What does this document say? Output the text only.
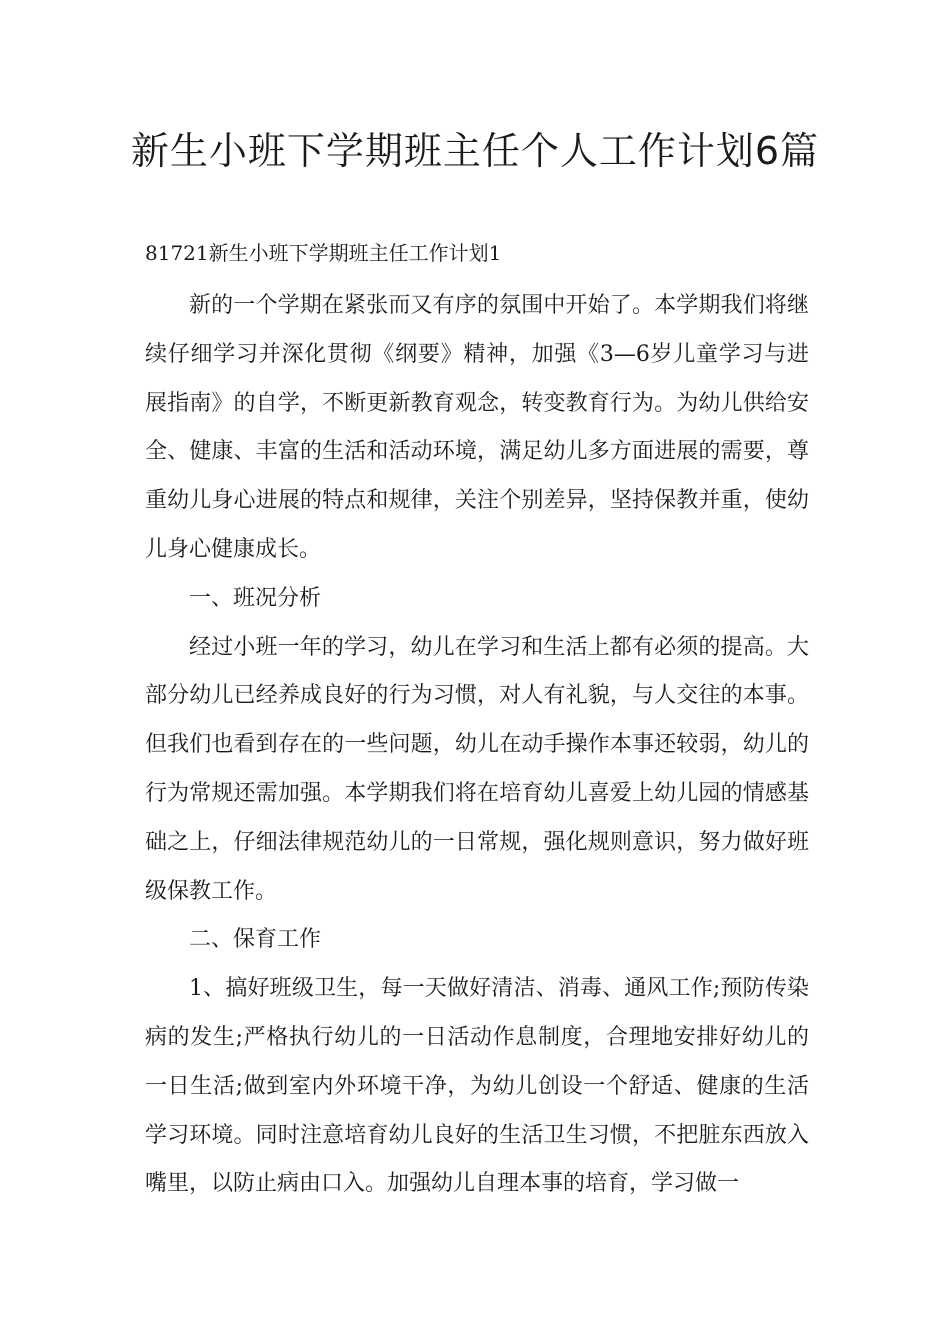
新生小班下学期班主任个人工作计划6篇

81721新生小班下学期班主任工作计划1

新的一个学期在紧张而又有序的氛围中开始了。本学期我们将继续仔细学习并深化贯彻《纲要》精神，加强《3—6岁儿童学习与进展指南》的自学，不断更新教育观念，转变教育行为。为幼儿供给安全、健康、丰富的生活和活动环境，满足幼儿多方面进展的需要，尊重幼儿身心进展的特点和规律，关注个别差异，坚持保教并重，使幼儿身心健康成长。

一、班况分析

经过小班一年的学习，幼儿在学习和生活上都有必须的提高。大部分幼儿已经养成良好的行为习惯，对人有礼貌，与人交往的本事。但我们也看到存在的一些问题，幼儿在动手操作本事还较弱，幼儿的行为常规还需加强。本学期我们将在培育幼儿喜爱上幼儿园的情感基础之上，仔细法律规范幼儿的一日常规，强化规则意识，努力做好班级保教工作。

二、保育工作

1、搞好班级卫生，每一天做好清洁、消毒、通风工作;预防传染病的发生;严格执行幼儿的一日活动作息制度，合理地安排好幼儿的一日生活;做到室内外环境干净，为幼儿创设一个舒适、健康的生活学习环境。同时注意培育幼儿良好的生活卫生习惯，不把脏东西放入嘴里，以防止病由口入。加强幼儿自理本事的培育，学习做一
